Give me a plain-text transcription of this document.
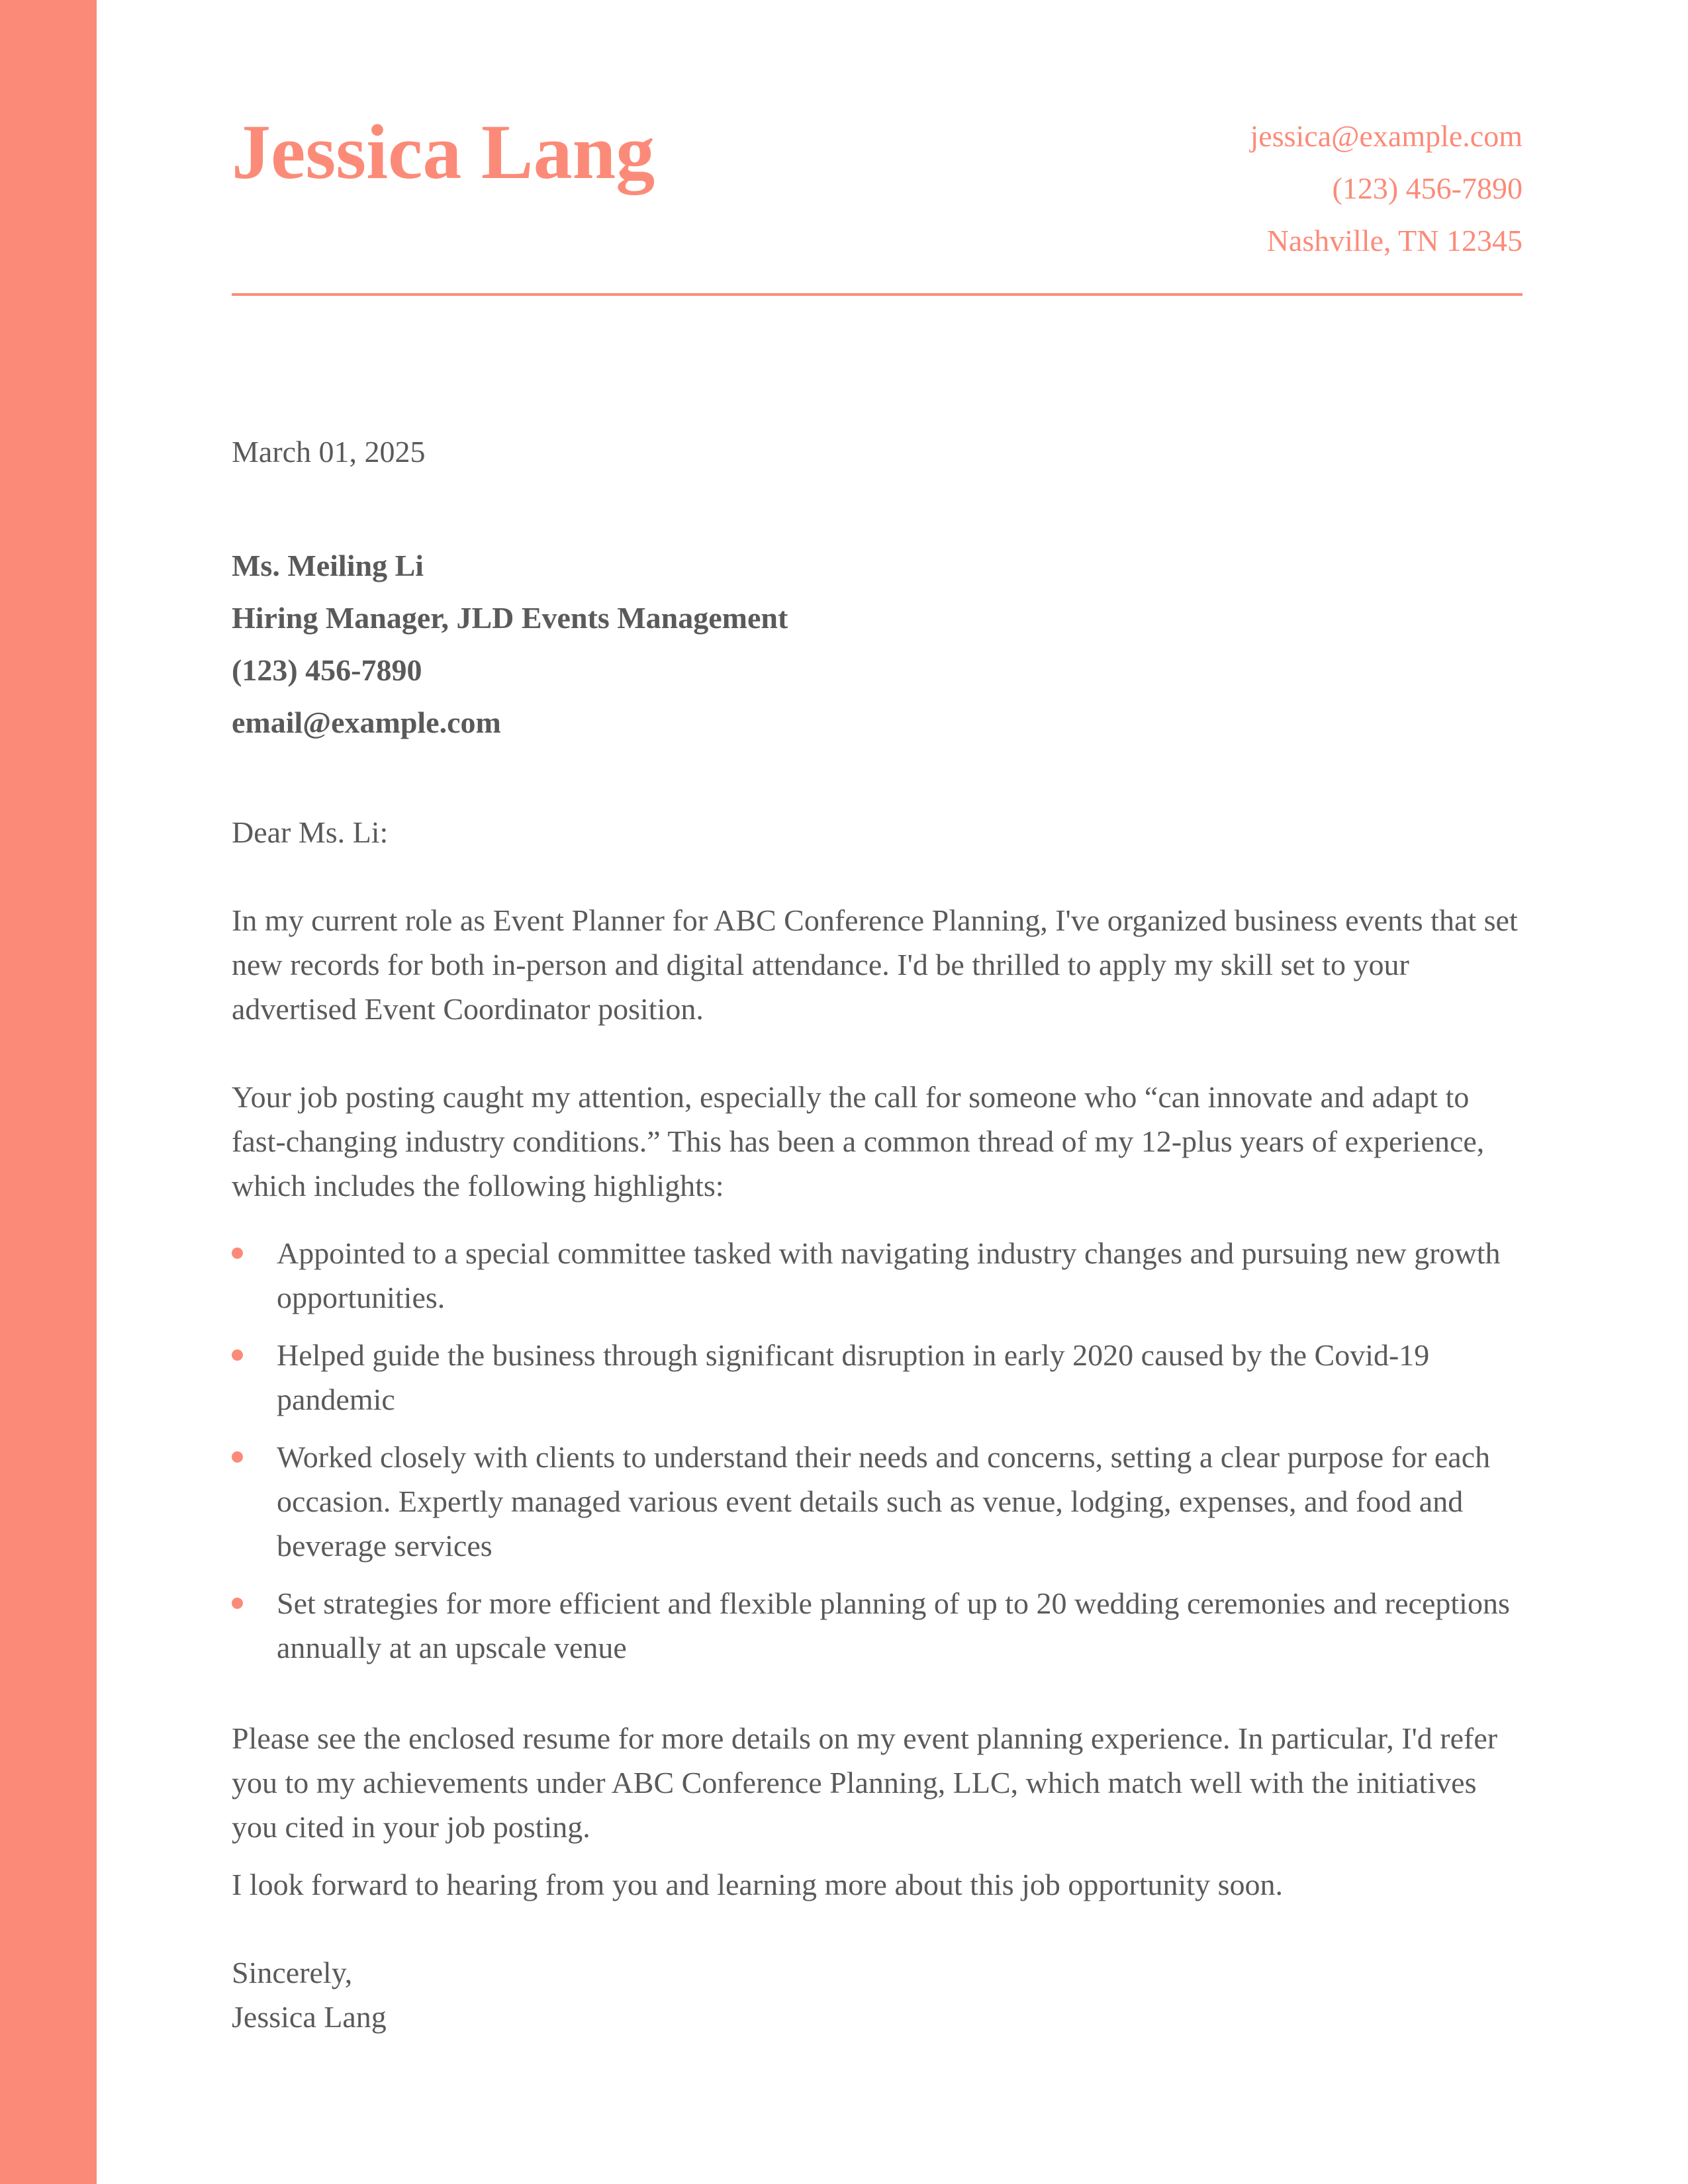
Jessica Lang	jessica@example.com
(123) 456-7890
Nashville, TN 12345
March 01, 2025
Ms. Meiling Li
Hiring Manager, JLD Events Management
(123) 456-7890
email@example.com

Dear Ms. Li:

In my current role as Event Planner for ABC Conference Planning, I've organized business events that set new records for both in-person and digital attendance. I'd be thrilled to apply my skill set to your advertised Event Coordinator position.

Your job posting caught my attention, especially the call for someone who “can innovate and adapt to fast-changing industry conditions.” This has been a common thread of my 12-plus years of experience, which includes the following highlights:

Appointed to a special committee tasked with navigating industry changes and pursuing new growth opportunities.
Helped guide the business through significant disruption in early 2020 caused by the Covid-19 pandemic
Worked closely with clients to understand their needs and concerns, setting a clear purpose for each occasion. Expertly managed various event details such as venue, lodging, expenses, and food and beverage services
Set strategies for more efficient and flexible planning of up to 20 wedding ceremonies and receptions annually at an upscale venue

Please see the enclosed resume for more details on my event planning experience. In particular, I'd refer you to my achievements under ABC Conference Planning, LLC, which match well with the initiatives you cited in your job posting.

I look forward to hearing from you and learning more about this job opportunity soon.

Sincerely,
Jessica Lang
